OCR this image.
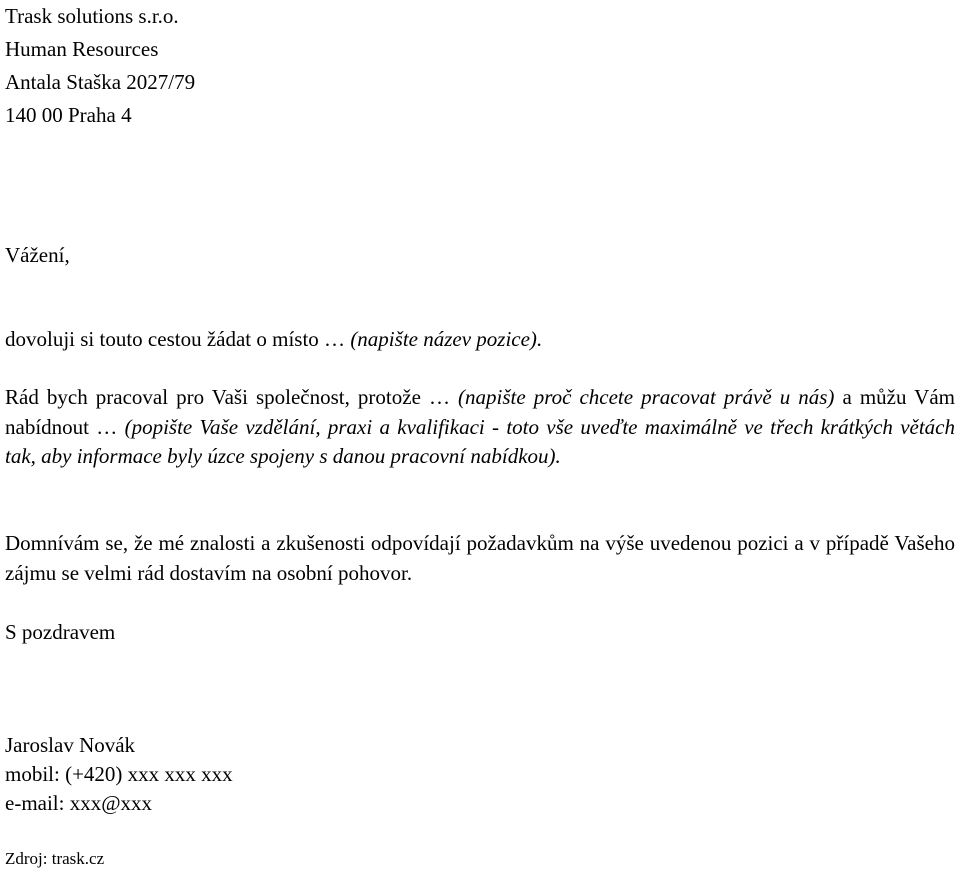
Trask solutions s.r.o.
Human Resources
Antala Staška 2027/79
140 00 Praha 4
Vážení,
dovoluji si touto cestou žádat o místo … (napište název pozice).
Rád bych pracoval pro Vaši společnost, protože … (napište proč chcete pracovat právě u nás) a můžu Vám nabídnout … (popište Vaše vzdělání, praxi a kvalifikaci - toto vše uveďte maximálně ve třech krátkých větách tak, aby informace byly úzce spojeny s danou pracovní nabídkou).
Domnívám se, že mé znalosti a zkušenosti odpovídají požadavkům na výše uvedenou pozici a v případě Vašeho zájmu se velmi rád dostavím na osobní pohovor.
S pozdravem
Jaroslav Novák
mobil: (+420) xxx xxx xxx
e-mail: xxx@xxx
Zdroj: trask.cz
